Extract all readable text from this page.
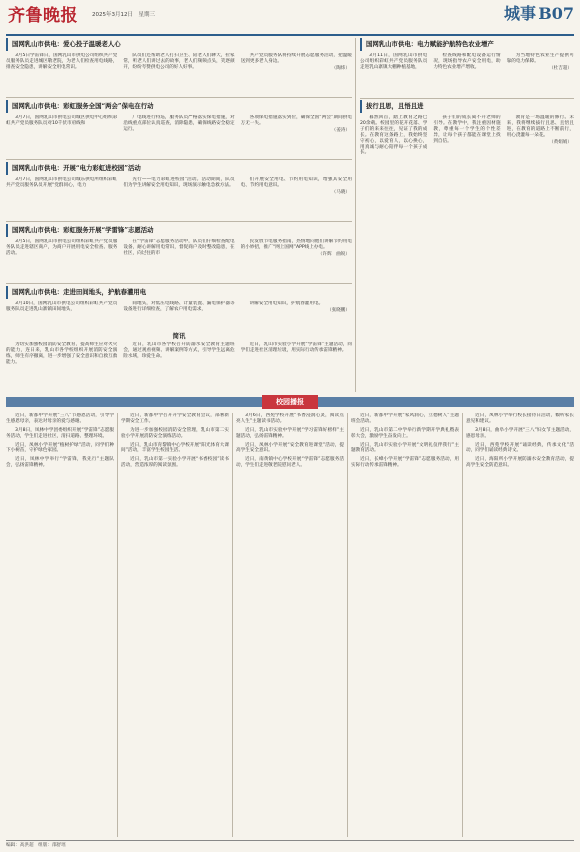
齐鲁晚报	2025年3月12日　星期三	城事 B07
国网乳山市供电：爱心投子温暖老人心

3月5日学雷锋日，国网乳山市供电公司组织共产党员服务队员走进城区敬老院，为老人们检查用电线路，排查安全隐患，讲解安全用电常识。

队员们还帮助老人打扫卫生、陪老人们聊天，拉家常，听老人们讲过去的故事，老人们频频点头，笑逐颜开，纷纷夸赞供电公司的好人好事。

共产党员服务队将持续开展志愿服务活动，把温暖送到更多老人身边。

（陶炜）
国网乳山市供电：彩虹服务全国“两会”保电在行动

3月7日，国网乳山市供电公司城区供电中心组织彩虹共产党员服务队员对10千伏市府线和

广电线进行特巡，服务队员严格落实保电措施，对沿线重点部位认真巡查，消除隐患，确保线路安全稳定运行。

各项保电措施落实到位，确保全国“两会”期间供电万无一失。

（姜涛）
国网乳山市供电：开展“电力彩虹进校园”活动

3月7日，国网乳山市供电公司城东供电所组织彩虹共产党员服务队员开展“党群同心，电力

先行——电力彩虹进校园”活动。活动期间，队员们为学生讲解安全用电知识，现场演示触电急救方法。

们开展安全用电、节约用电知识，增强其安全用电、节约用电意识。

（马晓）
国网乳山市供电：彩虹服务开展“学雷锋”志愿活动

3月5日，国网乳山市供电公司组织彩虹共产党员服务队员走进辖区商户，为商户开展用电安全检查、服务活动。

在“学雷锋”志愿服务活动中，队员们仔细检查配电设备，耐心讲解用电常识，督促商户及时整改隐患，在社区，向过往的市

民发放节电服务指南，热情地向他们讲解节约用电的小妙招，推广“网上国网”APP线上办电。

（许辉　曲锐）
国网乳山市供电：走进田间地头，护航春灌用电

3月10日，国网乳山市供电公司组织彩虹共产党员服务队员走进乳山寨镇田间地头，

间地头，对低压电线路、计量装置、漏电保护器等设备进行详细检查，了解农户用电需求，

讲解安全用电知识，护航春灌用电。

（张晓鹏）
简讯

为切实加强校园消防安全教育，提高师生应对火灾的能力，连日来，乳山市各学校组织开展消防安全演练，师生有序撤离，进一步增强了安全意识和自救互救能力。

近日，乳山市各学校召开防溺水安全教育主题班会，通过观看视频、讲解案例等方式，引导学生远离危险水域，珍爱生命。

近日，乳山市实验小学开展“学雷锋”主题活动，同学们走进社区清理垃圾，用实际行动传承雷锋精神。

国网乳山市供电：电力赋能护航特色农业增产

3月11日，国网乳山市供电公司组织彩虹共产党员服务队员走进乳山寨镇大棚种植基地，

检查线路和配电设备运行情况，现场指导农户安全用电，助力特色农业增产增收。

为当地特色农业生产提供可靠的电力保障。

（杜吉超）
拔行且思，且悟且进

暮然回首，踏上教育之路已20余载。校园里的花开花落、学子们的来来往往，见证了我的成长。在教育这条路上，我始终坚守初心，以爱育人，以心换心，用真诚与耐心陪伴每一个孩子成长。

孩子们的成长离不开老师的引导。在教学中，我注重因材施教，尊重每一个学生的个性差异，让每个孩子都能在课堂上找到自信。

教育是一场温暖的修行。未来，我将继续拔行且思、且悟且进，在教育的道路上不断前行，用心浇灌每一朵花。

（黄娟娟）
校园播报

近日，新都中学开展“三八”节感恩活动，引导学生感恩母亲，表达对母亲的爱与感谢。

3月8日，凤林中学团委组织开展“学雷锋”志愿服务活动，学生们走进社区，清扫道路、整理环境。

近日，凤林小学开展“植树护绿”活动，同学们种下小树苗，守护绿色家园。

近日，凤林中学举行“学雷锋，我先行”主题队会，弘扬雷锋精神。

近日，新都中学召开开学安全教育会议，部署新学期安全工作。

为进一步加强校园消防安全管理，乳山市第二实验小学开展消防安全演练活动。

近日，乳山市育黎镇中心学校开展“阳光体育大课间”活动，丰富学生校园生活。

近日，乳山市第一实验小学开展“书香校园”读书活动，营造浓厚的阅读氛围。

3月6日，西苑学校开展“书香浸润心灵，阅读点亮人生”主题读书活动。

近日，乳山市实验中学开展“学习雷锋好榜样”主题活动，弘扬雷锋精神。

近日，凤林小学开展“安全教育进课堂”活动，提高学生安全意识。

近日，南黄镇中心学校开展“学雷锋”志愿服务活动，学生们走进敬老院慰问老人。

近日，新都中学开展“家风润心，立德树人”主题班会活动。

近日，乳山市第二中学举行新学期开学典礼暨表彰大会，激励学生奋发向上。

近日，乳山市实验小学开展“文明礼仪伴我行”主题教育活动。

近日，长峰小学开展“学雷锋”志愿服务活动，用实际行动传承雷锋精神。

近日，凤林小学举行校长接待日活动，倾听家长意见和建议。

3月8日，曲阜小学开展“三八”妇女节主题活动，感恩母亲。

近日，西苑学校开展“诵读经典，传承文化”活动，同学们诵读经典诗文。

近日，海阳所小学开展防溺水安全教育活动，提高学生安全防范意识。

编辑：高洪超　组版：邵舒瑶
